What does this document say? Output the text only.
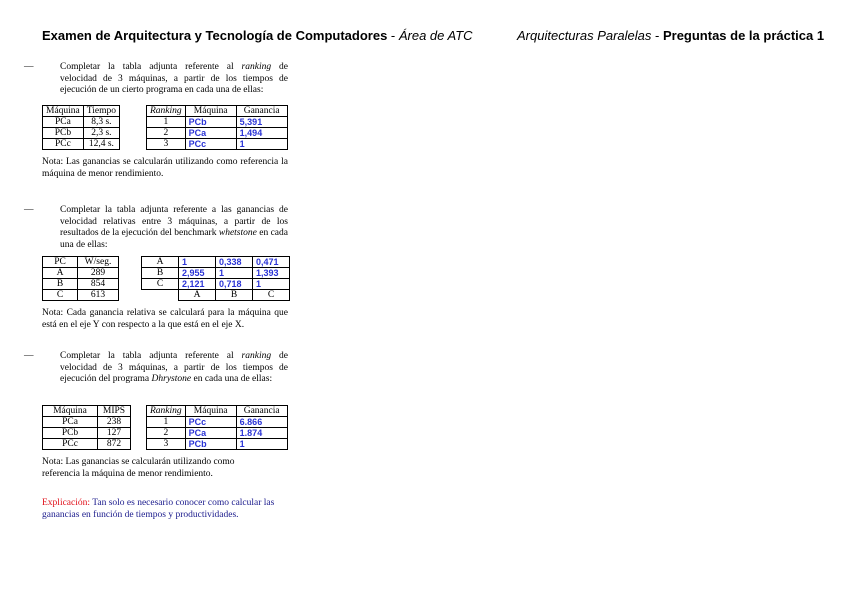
Examen de Arquitectura y Tecnología de Computadores - Área de ATC	Arquitecturas Paralelas - Preguntas de la práctica 1
—	Completar la tabla adjunta referente al ranking de velocidad de 3 máquinas, a partir de los tiempos de ejecución de un cierto programa en cada una de ellas:
Máquina	Tiempo
PCa	8,3 s.
PCb	2,3 s.
PCc	12,4 s.
Ranking	Máquina	Ganancia
1	PCb	5,391
2	PCa	1,494
3	PCc	1
Nota: Las ganancias se calcularán utilizando como referencia la máquina de menor rendimiento.
—	Completar la tabla adjunta referente a las ganancias de velocidad relativas entre 3 máquinas, a partir de los resultados de la ejecución del benchmark whetstone en cada una de ellas:
PC	W/seg.
A	289
B	854
C	613
A	1	0,338	0,471
B	2,955	1	1,393
C	2,121	0,718	1
	A	B	C
Nota: Cada ganancia relativa se calculará para la máquina que está en el eje Y con respecto a la que está en el eje X.
—	Completar la tabla adjunta referente al ranking de velocidad de 3 máquinas, a partir de los tiempos de ejecución del programa Dhrystone en cada una de ellas:
Máquina	MIPS
PCa	238
PCb	127
PCc	872
Ranking	Máquina	Ganancia
1	PCc	6.866
2	PCa	1.874
3	PCb	1
Nota: Las ganancias se calcularán utilizando como referencia la máquina de menor rendimiento.
Explicación: Tan solo es necesario conocer como calcular las ganancias en función de tiempos y productividades.
